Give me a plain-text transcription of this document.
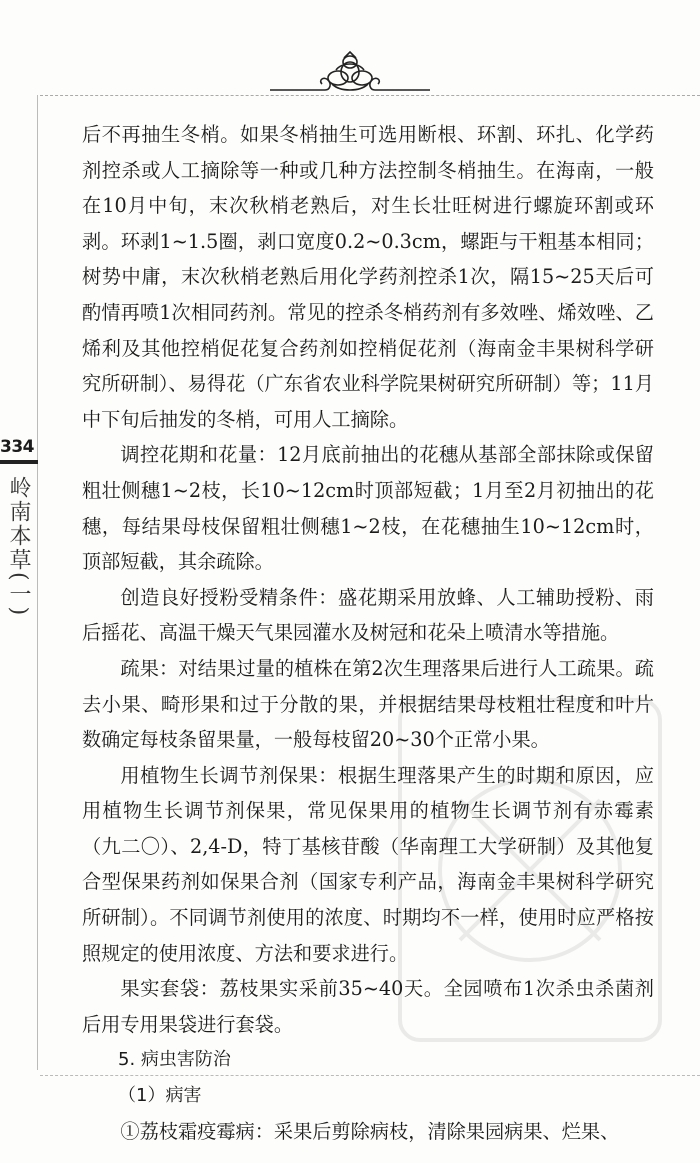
334
岭南本草(一)

后不再抽生冬梢。如果冬梢抽生可选用断根、环割、环扎、化学药剂控杀或人工摘除等一种或几种方法控制冬梢抽生。在海南，一般在10月中旬，末次秋梢老熟后，对生长壮旺树进行螺旋环割或环剥。环剥1~1.5圈，剥口宽度0.2~0.3cm，螺距与干粗基本相同；树势中庸，末次秋梢老熟后用化学药剂控杀1次，隔15~25天后可酌情再喷1次相同药剂。常见的控杀冬梢药剂有多效唑、烯效唑、乙烯利及其他控梢促花复合药剂如控梢促花剂（海南金丰果树科学研究所研制）、易得花（广东省农业科学院果树研究所研制）等；11月中下旬后抽发的冬梢，可用人工摘除。

调控花期和花量：12月底前抽出的花穗从基部全部抹除或保留粗壮侧穗1~2枝，长10~12cm时顶部短截；1月至2月初抽出的花穗，每结果母枝保留粗壮侧穗1~2枝，在花穗抽生10~12cm时，顶部短截，其余疏除。

创造良好授粉受精条件：盛花期采用放蜂、人工辅助授粉、雨后摇花、高温干燥天气果园灌水及树冠和花朵上喷清水等措施。

疏果：对结果过量的植株在第2次生理落果后进行人工疏果。疏去小果、畸形果和过于分散的果，并根据结果母枝粗壮程度和叶片数确定每枝条留果量，一般每枝留20~30个正常小果。

用植物生长调节剂保果：根据生理落果产生的时期和原因，应用植物生长调节剂保果，常见保果用的植物生长调节剂有赤霉素（九二〇）、2,4-D，特丁基核苷酸（华南理工大学研制）及其他复合型保果药剂如保果合剂（国家专利产品，海南金丰果树科学研究所研制）。不同调节剂使用的浓度、时期均不一样，使用时应严格按照规定的使用浓度、方法和要求进行。

果实套袋：荔枝果实采前35~40天。全园喷布1次杀虫杀菌剂后用专用果袋进行套袋。

5. 病虫害防治

（1）病害

①荔枝霜疫霉病：采果后剪除病枝，清除果园病果、烂果、
